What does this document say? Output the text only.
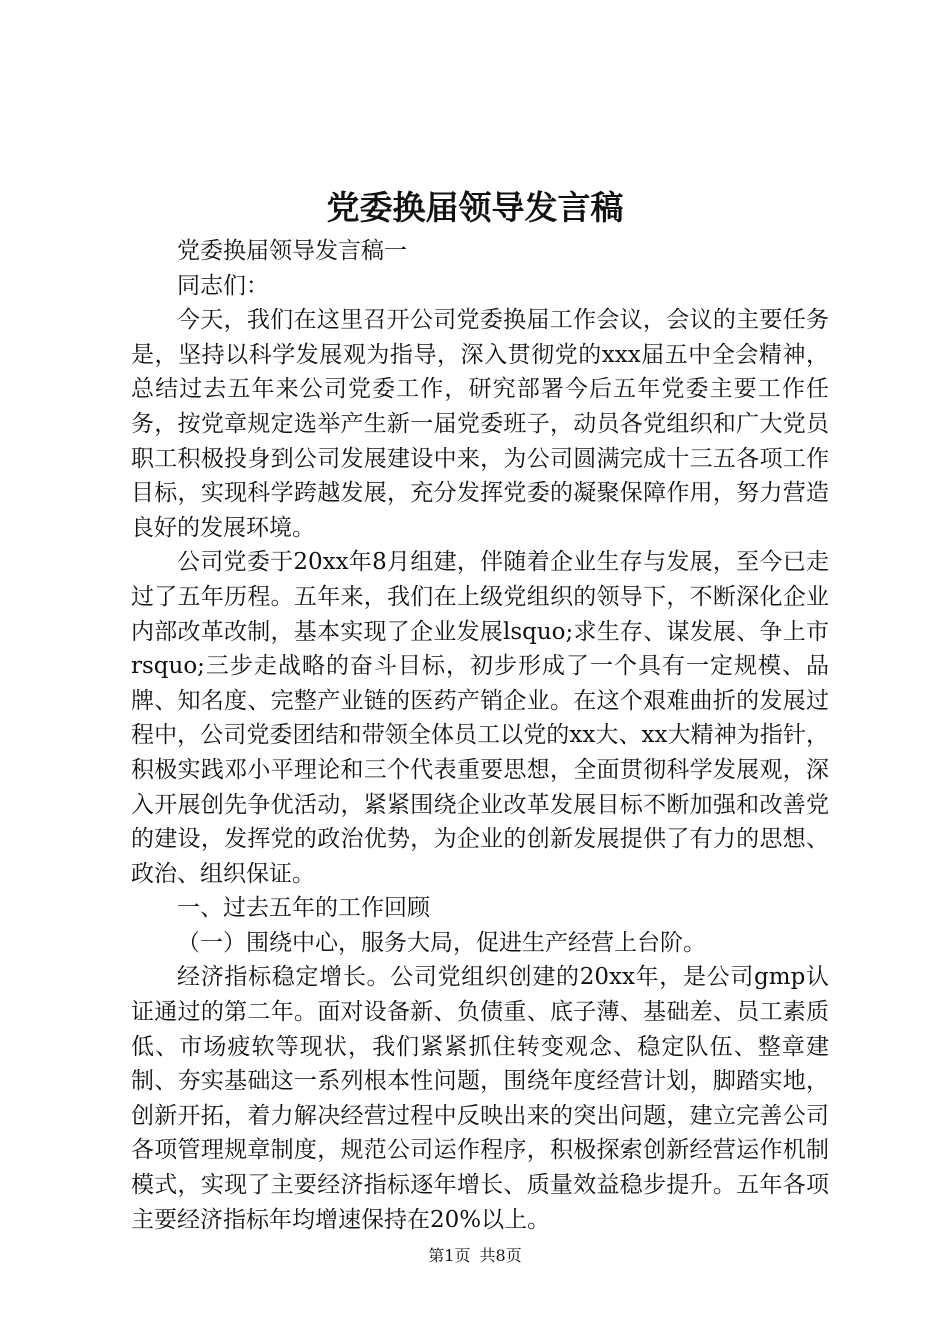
党委换届领导发言稿

党委换届领导发言稿一

同志们：

今天，我们在这里召开公司党委换届工作会议，会议的主要任务是，坚持以科学发展观为指导，深入贯彻党的xxx届五中全会精神，总结过去五年来公司党委工作，研究部署今后五年党委主要工作任务，按党章规定选举产生新一届党委班子，动员各党组织和广大党员职工积极投身到公司发展建设中来，为公司圆满完成十三五各项工作目标，实现科学跨越发展，充分发挥党委的凝聚保障作用，努力营造良好的发展环境。

公司党委于20xx年8月组建，伴随着企业生存与发展，至今已走过了五年历程。五年来，我们在上级党组织的领导下，不断深化企业内部改革改制，基本实现了企业发展lsquo;求生存、谋发展、争上市rsquo;三步走战略的奋斗目标，初步形成了一个具有一定规模、品牌、知名度、完整产业链的医药产销企业。在这个艰难曲折的发展过程中，公司党委团结和带领全体员工以党的xx大、xx大精神为指针，积极实践邓小平理论和三个代表重要思想，全面贯彻科学发展观，深入开展创先争优活动，紧紧围绕企业改革发展目标不断加强和改善党的建设，发挥党的政治优势，为企业的创新发展提供了有力的思想、政治、组织保证。

一、过去五年的工作回顾

（一）围绕中心，服务大局，促进生产经营上台阶。

经济指标稳定增长。公司党组织创建的20xx年，是公司gmp认证通过的第二年。面对设备新、负债重、底子薄、基础差、员工素质低、市场疲软等现状，我们紧紧抓住转变观念、稳定队伍、整章建制、夯实基础这一系列根本性问题，围绕年度经营计划，脚踏实地，创新开拓，着力解决经营过程中反映出来的突出问题，建立完善公司各项管理规章制度，规范公司运作程序，积极探索创新经营运作机制模式，实现了主要经济指标逐年增长、质量效益稳步提升。五年各项主要经济指标年均增速保持在20%以上。

第1页 共8页
